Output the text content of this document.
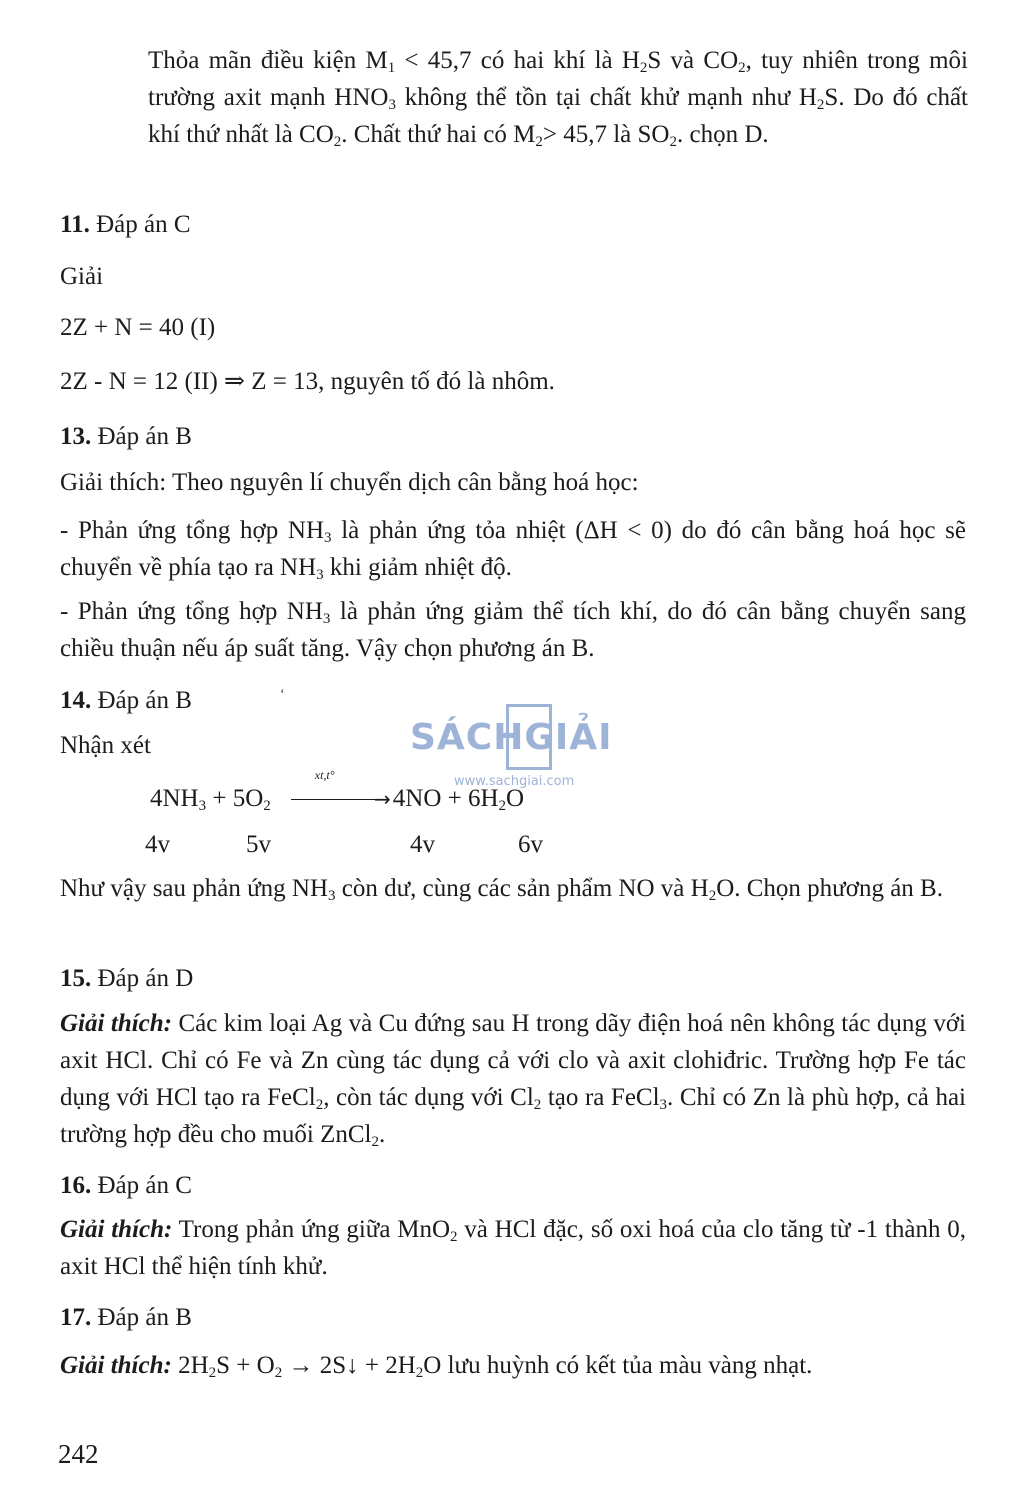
Thỏa mãn điều kiện $M_1 < 45,7$ có hai khí là $H_2S$ và $CO_2$, tuy nhiên trong môi trường axit mạnh $HNO_3$ không thể tồn tại chất khử mạnh như $H_2S$. Do đó chất khí thứ nhất là $CO_2$. Chất thứ hai có $M_2> 45,7$ là $SO_2$. chọn D.
11. Đáp án C
Giải
2Z + N = 40 (I)
2Z - N = 12 (II) ⇒ Z = 13, nguyên tố đó là nhôm.
13. Đáp án B
Giải thích: Theo nguyên lí chuyển dịch cân bằng hoá học:
- Phản ứng tổng hợp $NH_3$ là phản ứng tỏa nhiệt (ΔH < 0) do đó cân bằng hoá học sẽ chuyển về phía tạo ra $NH_3$ khi giảm nhiệt độ.
- Phản ứng tổng hợp $NH_3$ là phản ứng giảm thể tích khí, do đó cân bằng chuyển sang chiều thuận nếu áp suất tăng. Vậy chọn phương án B.
14. Đáp án B	‘
Nhận xét
$4NH_3 + 5O_2$
xt,t°
→ $4NO + 6H_2O$
4v	5v	4v	6v
Như vậy sau phản ứng $NH_3$ còn dư, cùng các sản phẩm NO và $H_2O$. Chọn phương án B.
15. Đáp án D
Giải thích: Các kim loại Ag và Cu đứng sau H trong dãy điện hoá nên không tác dụng với axit HCl. Chỉ có Fe và Zn cùng tác dụng cả với clo và axit clohiđric. Trường hợp Fe tác dụng với HCl tạo ra FeCl$_2$, còn tác dụng với $Cl_2$ tạo ra FeCl$_3$. Chỉ có Zn là phù hợp, cả hai trường hợp đều cho muối ZnCl$_2$.
16. Đáp án C
Giải thích: Trong phản ứng giữa MnO$_2$ và HCl đặc, số oxi hoá của clo tăng từ -1 thành 0, axit HCl thể hiện tính khử.
17. Đáp án B
Giải thích: $2H_2S + O_2$ → 2S↓ + $2H_2O$ lưu huỳnh có kết tủa màu vàng nhạt.
SÁCHGIẢI
www.sachgiai.com
242
